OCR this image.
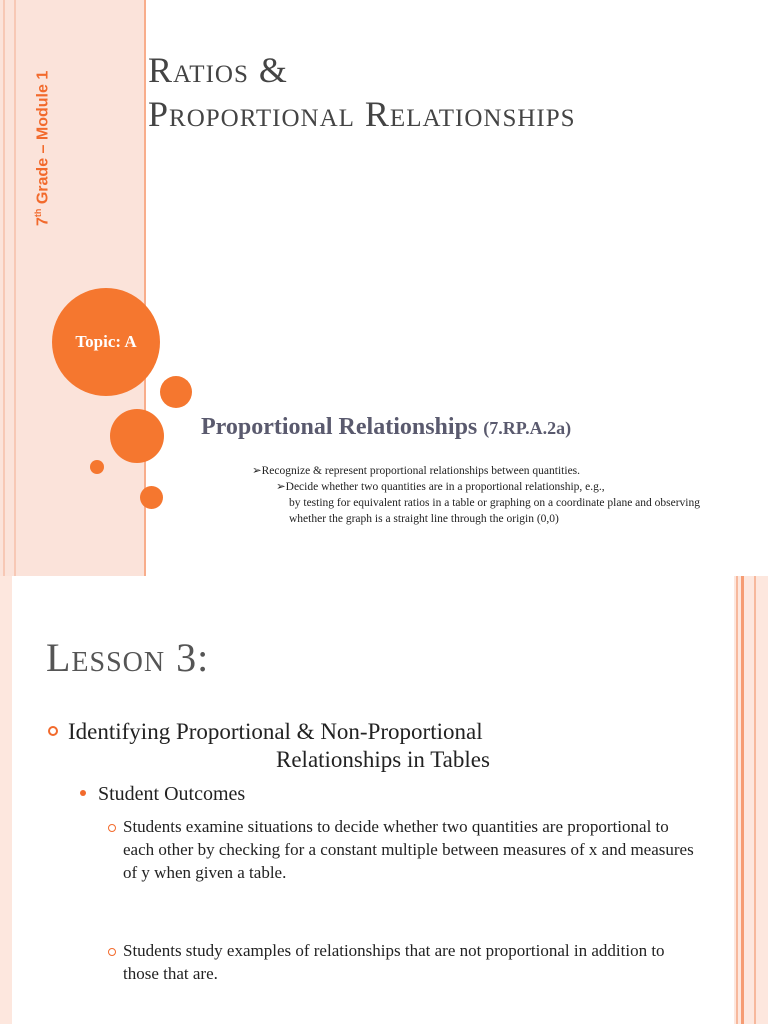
7th Grade – Module 1
Ratios &
Proportional Relationships
Topic: A
Proportional Relationships (7.RP.A.2a)
➢Recognize & represent proportional relationships between quantities.
➢Decide whether two quantities are in a proportional relationship, e.g.,
by testing for equivalent ratios in a table or graphing on a coordinate plane and observing whether the graph is a straight line through the origin (0,0)
Lesson 3:
Identifying Proportional & Non-Proportional
Relationships in Tables
Student Outcomes
Students examine situations to decide whether two quantities are proportional to each other by checking for a constant multiple between measures of x and measures of y when given a table.
Students study examples of relationships that are not proportional in addition to those that are.
